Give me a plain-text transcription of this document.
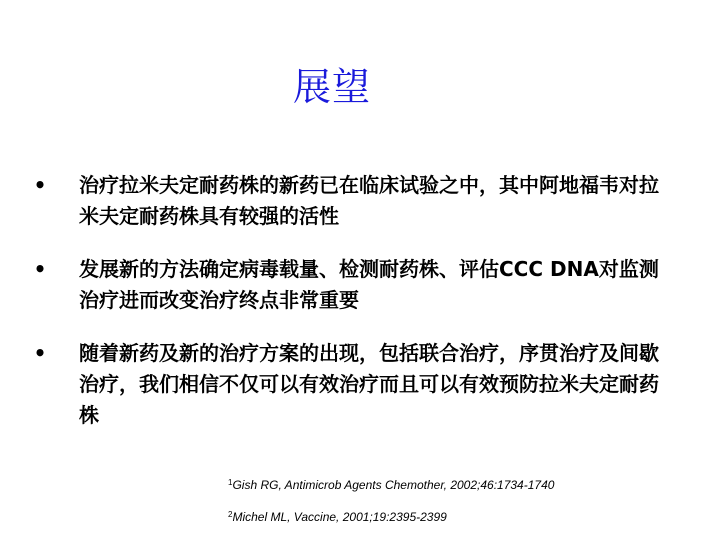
展望
• 治疗拉米夫定耐药株的新药已在临床试验之中，其中阿地福韦对拉米夫定耐药株具有较强的活性
• 发展新的方法确定病毒载量、检测耐药株、评估CCC DNA对监测治疗进而改变治疗终点非常重要
• 随着新药及新的治疗方案的出现，包括联合治疗，序贯治疗及间歇治疗，我们相信不仅可以有效治疗而且可以有效预防拉米夫定耐药株
$^1$Gish RG, Antimicrob Agents Chemother, 2002;46:1734-1740
$^2$Michel ML, Vaccine, 2001;19:2395-2399
